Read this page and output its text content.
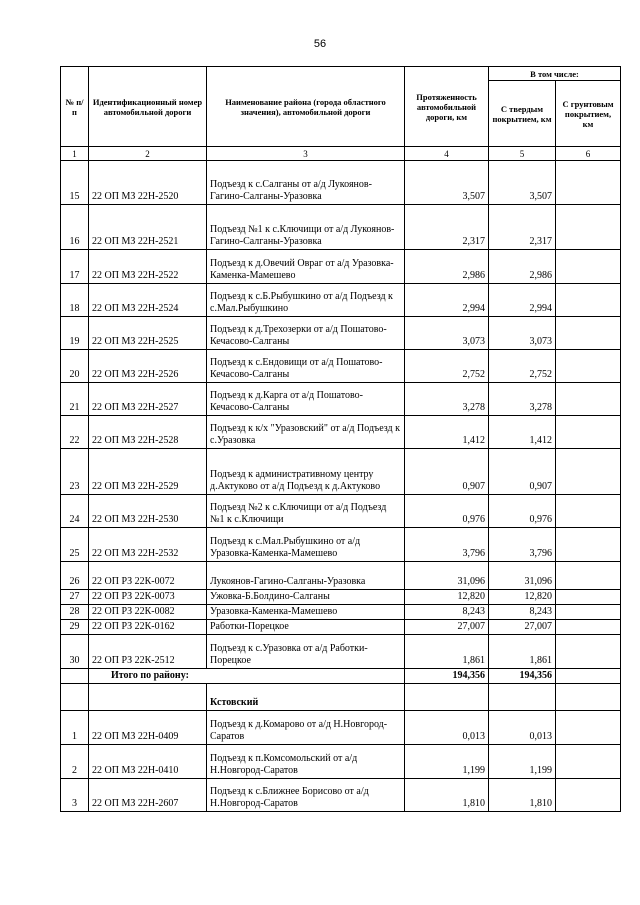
56
№ п/п	Идентификационный номер автомобильной дороги	Наименование района (города областного значения), автомобильной дороги	Протяженность автомобильной дороги, км	В том числе:	
				С твердым покрытием, км	С грунтовым покрытием, км
1	2	3	4	5	6
15	22 ОП МЗ 22Н-2520	Подъезд к с.Салганы от а/д Лукоянов-Гагино-Салганы-Уразовка	3,507	3,507	
16	22 ОП МЗ 22Н-2521	Подъезд №1 к с.Ключищи от а/д Лукоянов-Гагино-Салганы-Уразовка	2,317	2,317	
17	22 ОП МЗ 22Н-2522	Подъезд к д.Овечий Овраг от а/д Уразовка-Каменка-Мамешево	2,986	2,986	
18	22 ОП МЗ 22Н-2524	Подъезд к с.Б.Рыбушкино от а/д Подъезд к с.Мал.Рыбушкино	2,994	2,994	
19	22 ОП МЗ 22Н-2525	Подъезд к д.Трехозерки от а/д Пошатово-Кечасово-Салганы	3,073	3,073	
20	22 ОП МЗ 22Н-2526	Подъезд к с.Ендовищи от а/д Пошатово-Кечасово-Салганы	2,752	2,752	
21	22 ОП МЗ 22Н-2527	Подъезд к д.Карга от а/д Пошатово-Кечасово-Салганы	3,278	3,278	
22	22 ОП МЗ 22Н-2528	Подъезд к к/х "Уразовский" от а/д Подъезд к с.Уразовка	1,412	1,412	
23	22 ОП МЗ 22Н-2529	Подъезд к административному центру д.Актуково от а/д Подъезд к д.Актуково	0,907	0,907	
24	22 ОП МЗ 22Н-2530	Подъезд №2 к с.Ключищи от а/д Подъезд №1 к с.Ключищи	0,976	0,976	
25	22 ОП МЗ 22Н-2532	Подъезд к с.Мал.Рыбушкино от а/д Уразовка-Каменка-Мамешево	3,796	3,796	
26	22 ОП РЗ 22К-0072	Лукоянов-Гагино-Салганы-Уразовка	31,096	31,096	
27	22 ОП РЗ 22К-0073	Ужовка-Б.Болдино-Салганы	12,820	12,820	
28	22 ОП РЗ 22К-0082	Уразовка-Каменка-Мамешево	8,243	8,243	
29	22 ОП РЗ 22К-0162	Работки-Порецкое	27,007	27,007	
30	22 ОП РЗ 22К-2512	Подъезд к с.Уразовка от а/д Работки-Порецкое	1,861	1,861	
	Итого по району:		194,356	194,356	
		Кстовский			
1	22 ОП МЗ 22Н-0409	Подъезд к д.Комарово от а/д Н.Новгород-Саратов	0,013	0,013	
2	22 ОП МЗ 22Н-0410	Подъезд к п.Комсомольский от а/д Н.Новгород-Саратов	1,199	1,199	
3	22 ОП МЗ 22Н-2607	Подъезд к с.Ближнее Борисово от а/д Н.Новгород-Саратов	1,810	1,810	
